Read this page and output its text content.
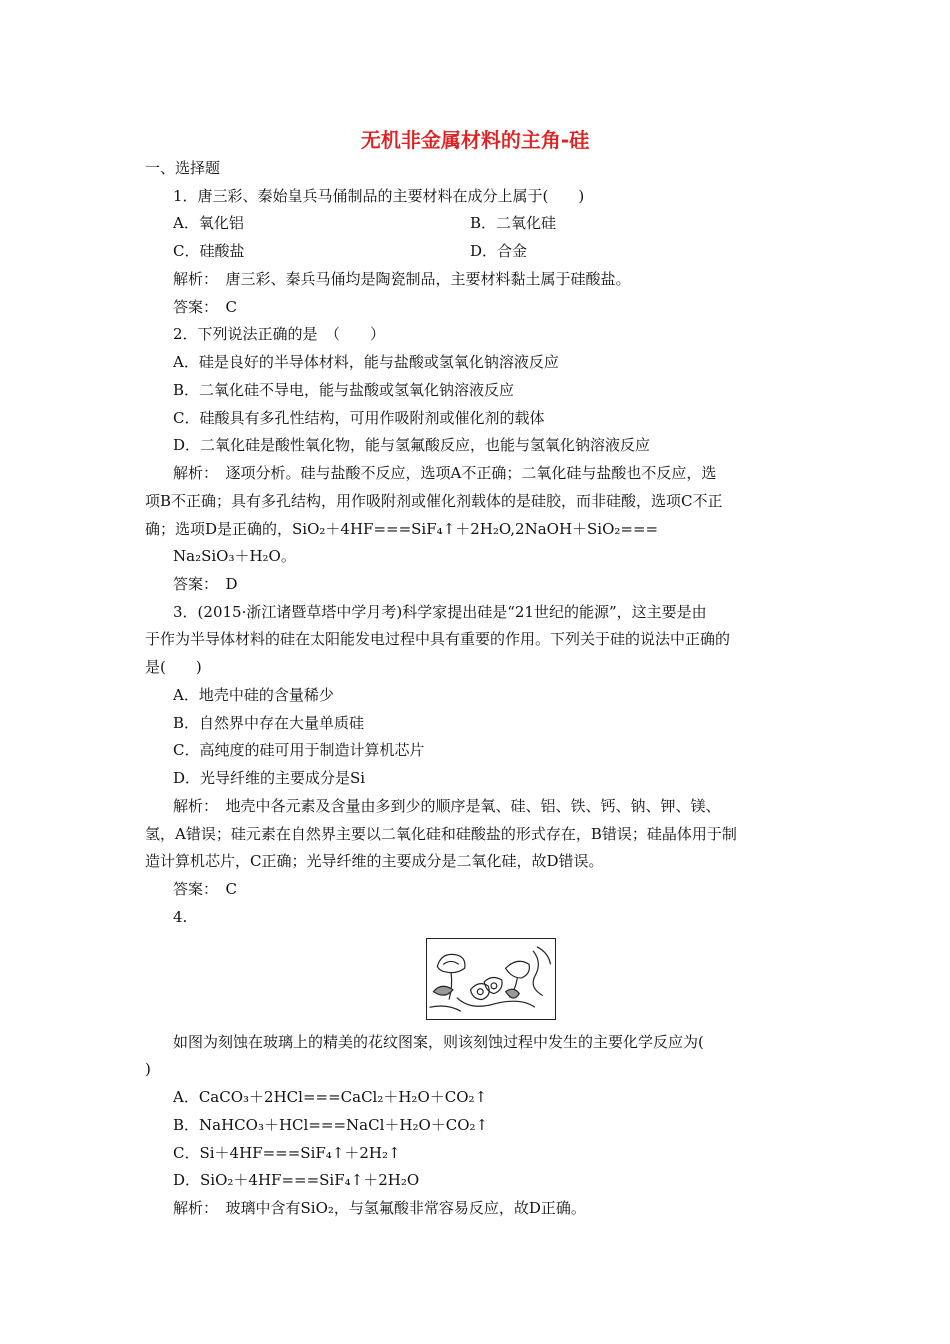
无机非金属材料的主角-硅
一、选择题
1．唐三彩、秦始皇兵马俑制品的主要材料在成分上属于(　　)
A．氧化铝	B．二氧化硅
C．硅酸盐	D．合金
解析：　唐三彩、秦兵马俑均是陶瓷制品，主要材料黏土属于硅酸盐。
答案：　C
2．下列说法正确的是　（　　）
A．硅是良好的半导体材料，能与盐酸或氢氧化钠溶液反应
B．二氧化硅不导电，能与盐酸或氢氧化钠溶液反应
C．硅酸具有多孔性结构，可用作吸附剂或催化剂的载体
D．二氧化硅是酸性氧化物，能与氢氟酸反应，也能与氢氧化钠溶液反应
解析：　逐项分析。硅与盐酸不反应，选项A不正确；二氧化硅与盐酸也不反应，选
项B不正确；具有多孔结构，用作吸附剂或催化剂载体的是硅胶，而非硅酸，选项C不正
确；选项D是正确的，SiO₂＋4HF===SiF₄↑＋2H₂O,2NaOH＋SiO₂===
Na₂SiO₃＋H₂O。
答案：　D
3．(2015·浙江诸暨草塔中学月考)科学家提出硅是“21世纪的能源”，这主要是由
于作为半导体材料的硅在太阳能发电过程中具有重要的作用。下列关于硅的说法中正确的
是(　　)
A．地壳中硅的含量稀少
B．自然界中存在大量单质硅
C．高纯度的硅可用于制造计算机芯片
D．光导纤维的主要成分是Si
解析：　地壳中各元素及含量由多到少的顺序是氧、硅、铝、铁、钙、钠、钾、镁、
氢，A错误；硅元素在自然界主要以二氧化硅和硅酸盐的形式存在，B错误；硅晶体用于制
造计算机芯片，C正确；光导纤维的主要成分是二氧化硅，故D错误。
答案：　C
4.
如图为刻蚀在玻璃上的精美的花纹图案，则该刻蚀过程中发生的主要化学反应为(
)
A．CaCO₃＋2HCl===CaCl₂＋H₂O＋CO₂↑
B．NaHCO₃＋HCl===NaCl＋H₂O＋CO₂↑
C．Si＋4HF===SiF₄↑＋2H₂↑
D．SiO₂＋4HF===SiF₄↑＋2H₂O
解析：　玻璃中含有SiO₂，与氢氟酸非常容易反应，故D正确。
